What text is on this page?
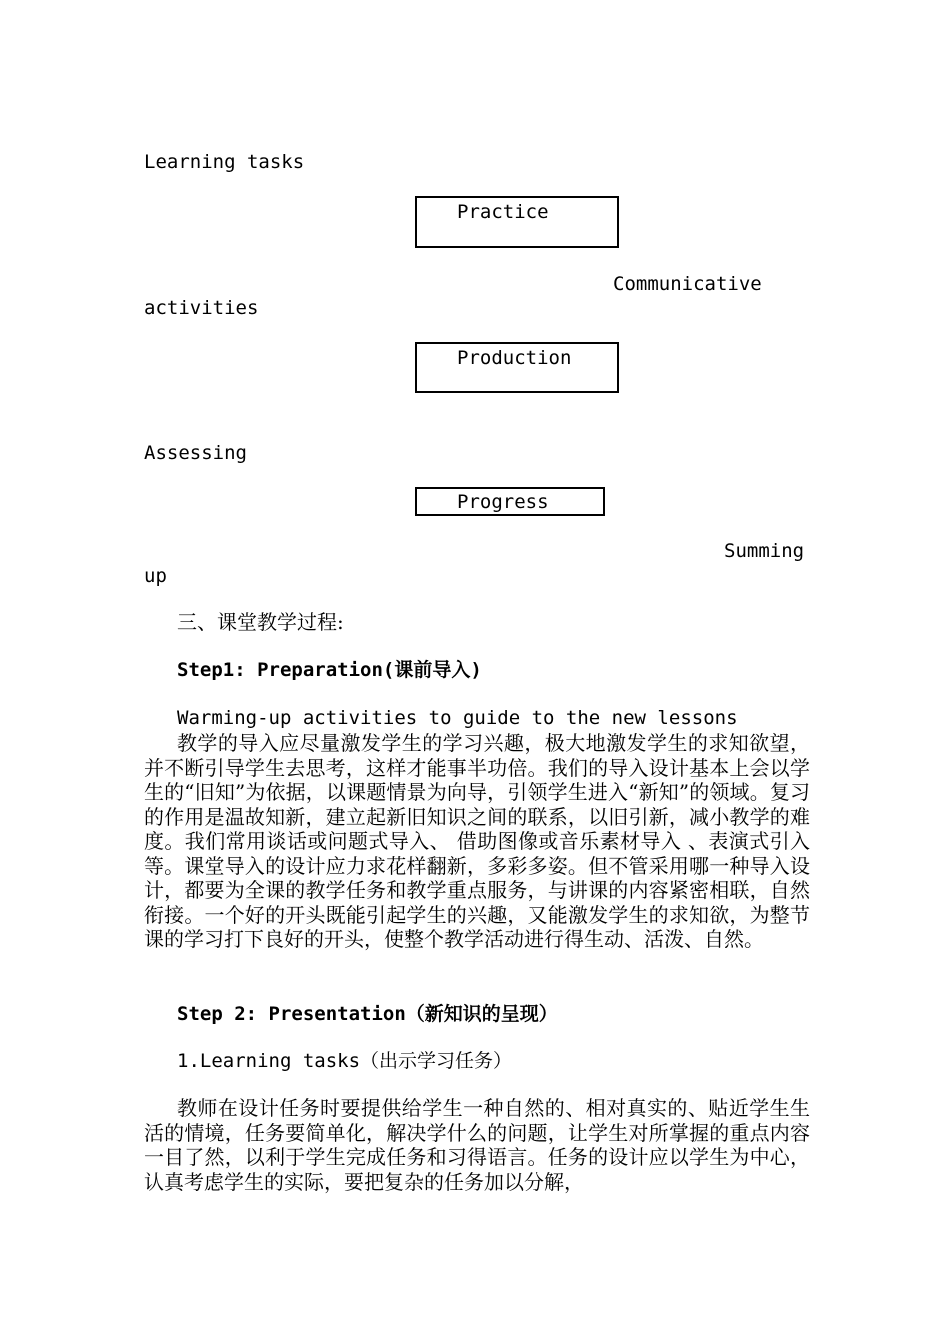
Learning tasks
Practice
Communicative
activities
Production
Assessing
Progress
Summing
up
三、课堂教学过程:
Step1: Preparation(课前导入)
Warming-up activities to guide to the new lessons

教学的导入应尽量激发学生的学习兴趣，极大地激发学生的求知欲望，并不断引导学生去思考，这样才能事半功倍。我们的导入设计基本上会以学生的“旧知”为依据，以课题情景为向导，引领学生进入“新知”的领域。复习的作用是温故知新，建立起新旧知识之间的联系，以旧引新，减小教学的难度。我们常用谈话或问题式导入、 借助图像或音乐素材导入 、表演式引入等。课堂导入的设计应力求花样翻新，多彩多姿。但不管采用哪一种导入设计，都要为全课的教学任务和教学重点服务，与讲课的内容紧密相联，自然衔接。一个好的开头既能引起学生的兴趣，又能激发学生的求知欲，为整节课的学习打下良好的开头，使整个教学活动进行得生动、活泼、自然。

Step 2: Presentation（新知识的呈现）
1.Learning tasks（出示学习任务）

教师在设计任务时要提供给学生一种自然的、相对真实的、贴近学生生活的情境，任务要简单化，解决学什么的问题，让学生对所掌握的重点内容一目了然，以利于学生完成任务和习得语言。任务的设计应以学生为中心，认真考虑学生的实际，要把复杂的任务加以分解，
